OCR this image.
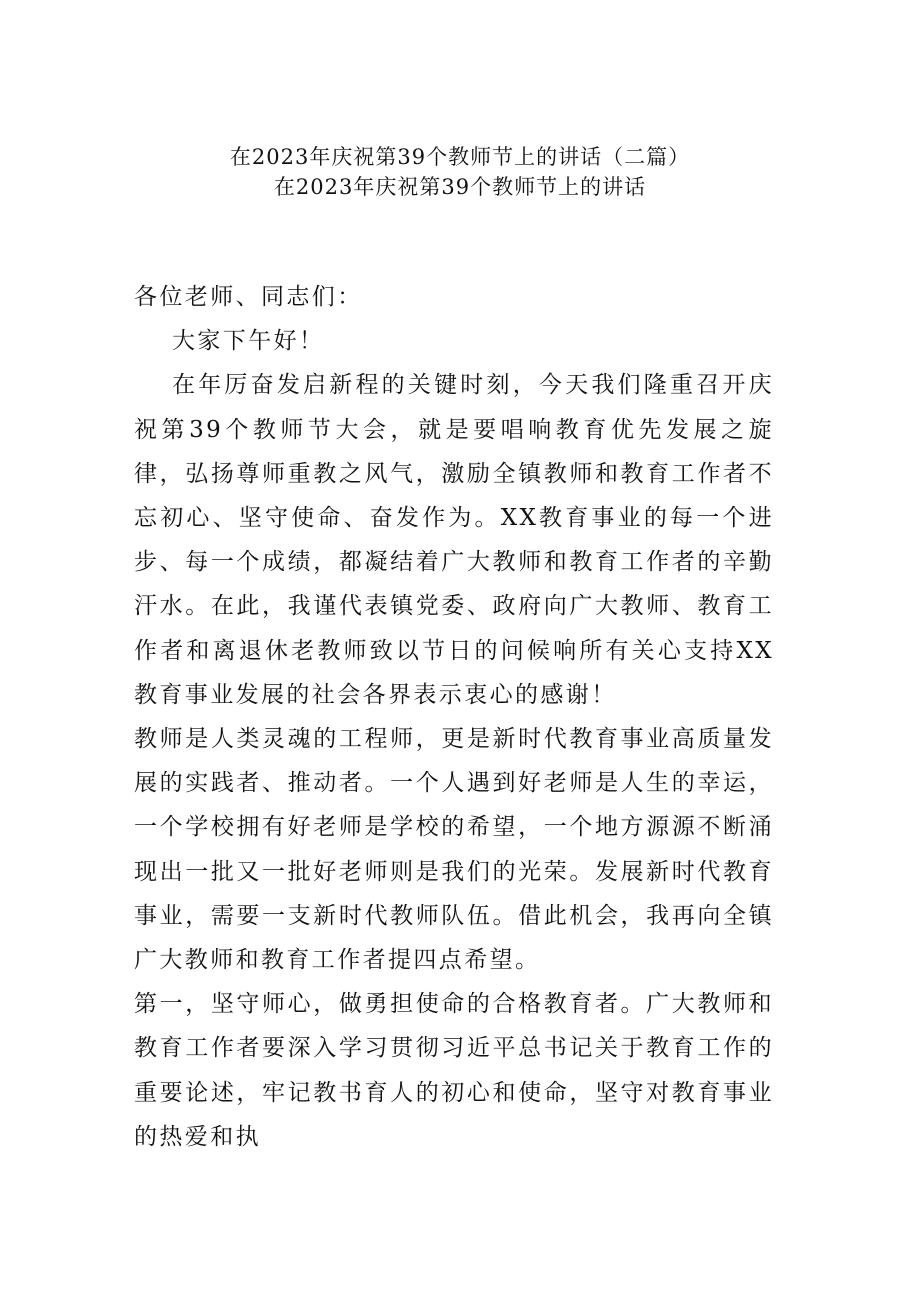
在2023年庆祝第39个教师节上的讲话（二篇）
在2023年庆祝第39个教师节上的讲话

各位老师、同志们：

大家下午好！

在年厉奋发启新程的关键时刻，今天我们隆重召开庆祝第39个教师节大会，就是要唱响教育优先发展之旋律，弘扬尊师重教之风气，激励全镇教师和教育工作者不忘初心、坚守使命、奋发作为。XX教育事业的每一个进步、每一个成绩，都凝结着广大教师和教育工作者的辛勤汗水。在此，我谨代表镇党委、政府向广大教师、教育工作者和离退休老教师致以节日的问候响所有关心支持XX教育事业发展的社会各界表示衷心的感谢！

教师是人类灵魂的工程师，更是新时代教育事业高质量发展的实践者、推动者。一个人遇到好老师是人生的幸运，一个学校拥有好老师是学校的希望，一个地方源源不断涌现出一批又一批好老师则是我们的光荣。发展新时代教育事业，需要一支新时代教师队伍。借此机会，我再向全镇广大教师和教育工作者提四点希望。

第一，坚守师心，做勇担使命的合格教育者。广大教师和教育工作者要深入学习贯彻习近平总书记关于教育工作的重要论述，牢记教书育人的初心和使命，坚守对教育事业的热爱和执
